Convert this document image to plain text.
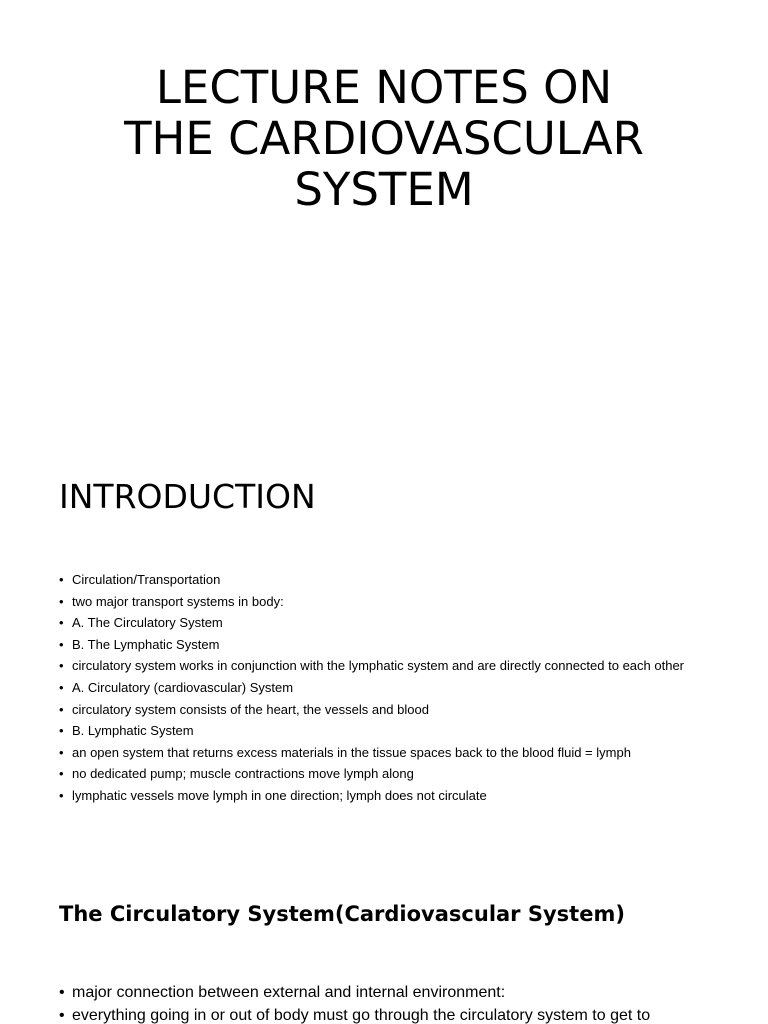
LECTURE NOTES ON
THE CARDIOVASCULAR
SYSTEM
INTRODUCTION
• Circulation/Transportation
• two major transport systems in body:
• A. The Circulatory System
• B. The Lymphatic System
• circulatory system works in conjunction with the lymphatic system and are directly connected to each other
• A. Circulatory (cardiovascular) System
• circulatory system consists of the heart, the vessels and blood
• B. Lymphatic System
• an open system that returns excess materials in the tissue spaces back to the blood fluid = lymph
• no dedicated pump; muscle contractions move lymph along
• lymphatic vessels move lymph in one direction; lymph does not circulate
The Circulatory System(Cardiovascular System)
• major connection between external and internal environment:
• everything going in or out of body must go through the circulatory system to get to
